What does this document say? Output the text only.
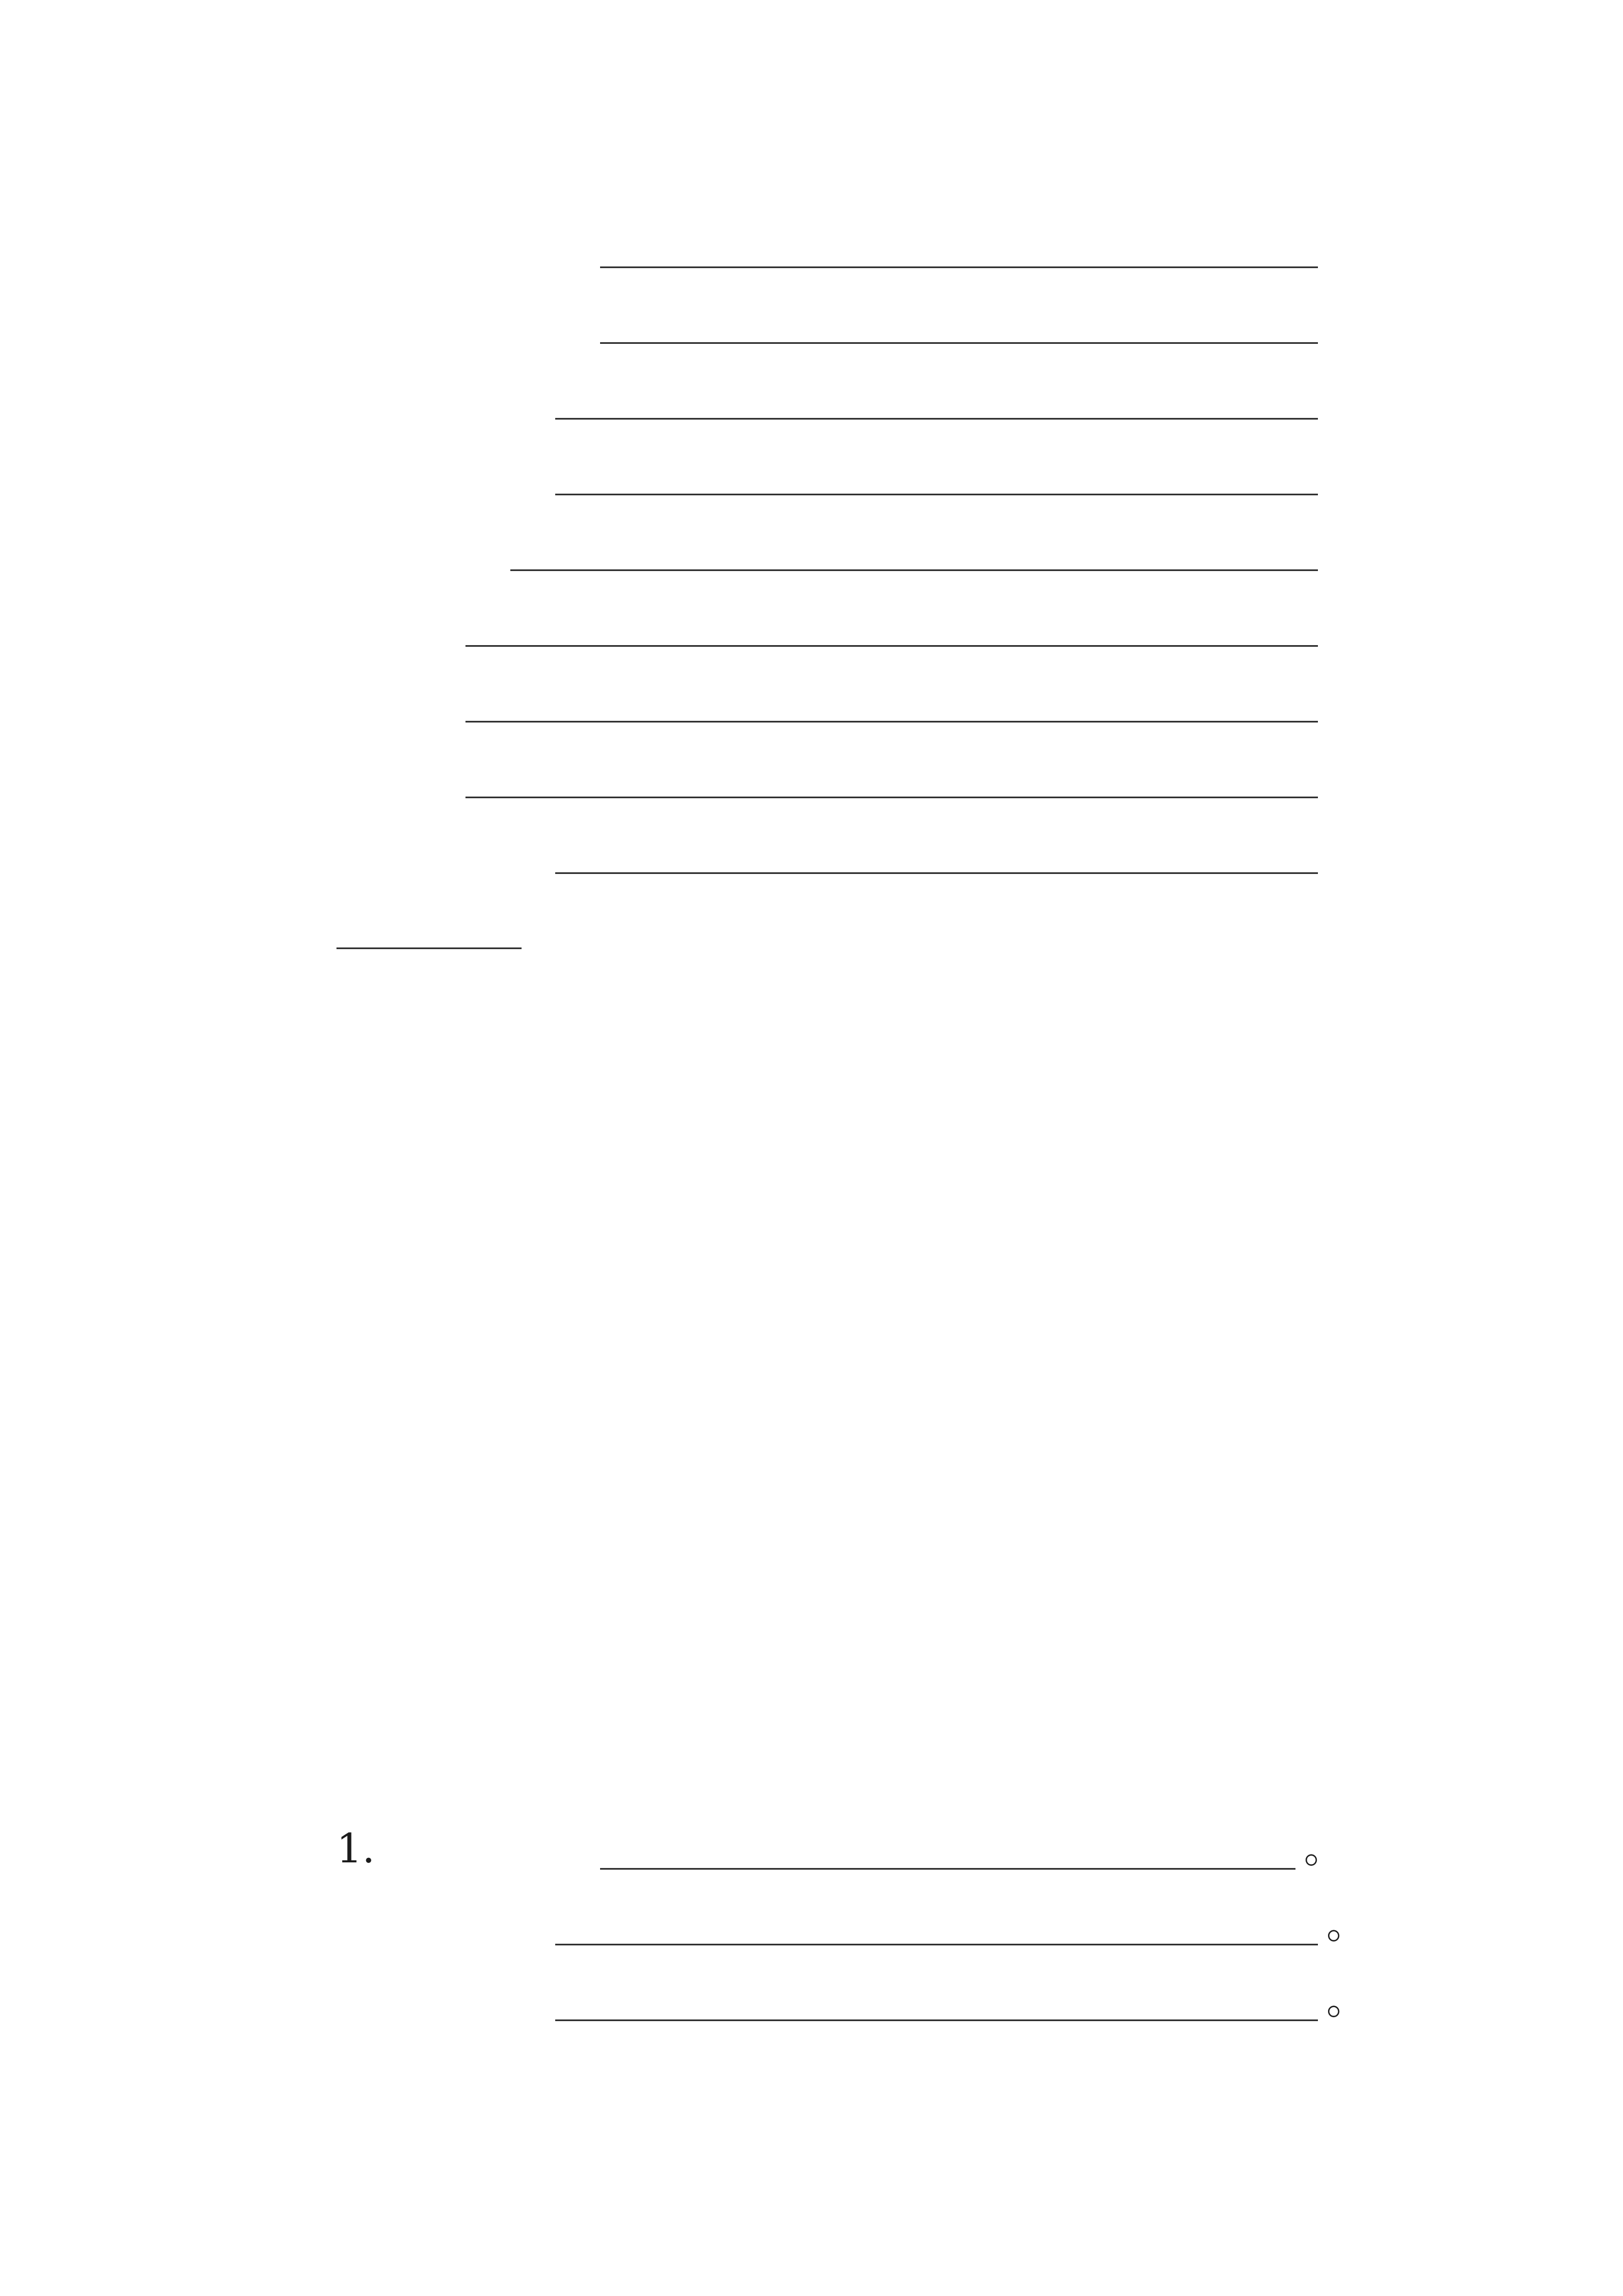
1.	。
。
。
